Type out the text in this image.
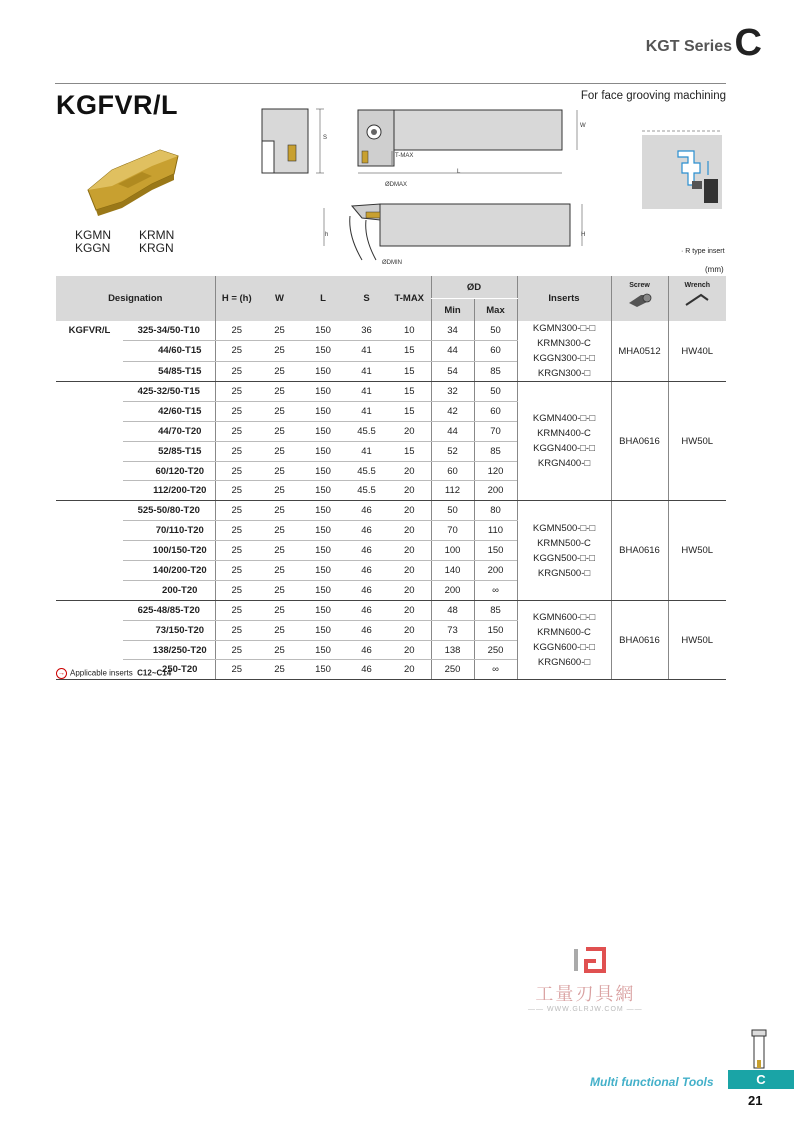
KGT Series C
KGFVR/L	For face grooving machining
KGMN
KGGN
KRMN
KRGN
S
W
T-MAX
L
ØDMAX
h	H
ØDMIN
· R type insert
(mm)
Designation		H = (h)	W	L	S	T-MAX	ØD		Inserts	Screw	Wrench

							Min	Max			
KGFVR/L	325-34/50-T10	25	25	150	36	10	34	50	KGMN300-□-□
KRMN300-C
KGGN300-□-□
KRGN300-□	MHA0512	HW40L
	44/60-T15	25	25	150	41	15	44	60			
	54/85-T15	25	25	150	41	15	54	85			
	425-32/50-T15	25	25	150	41	15	32	50	KGMN400-□-□
KRMN400-C
KGGN400-□-□
KRGN400-□	BHA0616	HW50L
	42/60-T15	25	25	150	41	15	42	60			
	44/70-T20	25	25	150	45.5	20	44	70			
	52/85-T15	25	25	150	41	15	52	85			
	60/120-T20	25	25	150	45.5	20	60	120			
	112/200-T20	25	25	150	45.5	20	112	200			
	525-50/80-T20	25	25	150	46	20	50	80	KGMN500-□-□
KRMN500-C
KGGN500-□-□
KRGN500-□	BHA0616	HW50L
	70/110-T20	25	25	150	46	20	70	110			
	100/150-T20	25	25	150	46	20	100	150			
	140/200-T20	25	25	150	46	20	140	200			
	200-T20	25	25	150	46	20	200	∞			
	625-48/85-T20	25	25	150	46	20	48	85	KGMN600-□-□
KRMN600-C
KGGN600-□-□
KRGN600-□	BHA0616	HW50L
	73/150-T20	25	25	150	46	20	73	150			
	138/250-T20	25	25	150	46	20	138	250			
	250-T20	25	25	150	46	20	250	∞			
→ Applicable inserts C12~C14
工量刃具網
—— WWW.GLRJW.COM ——
Multi functional Tools	C
21
